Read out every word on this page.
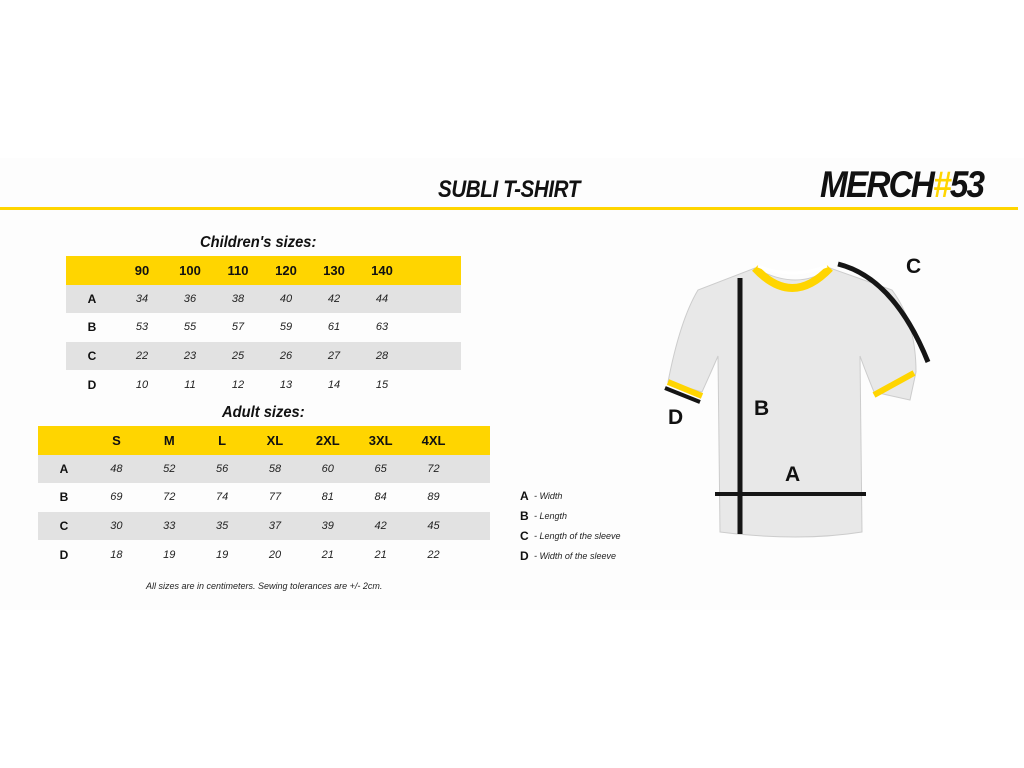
SUBLI T-SHIRT	MERCH#53
Children's sizes:
	90	100	110	120	130	140	
A	34	36	38	40	42	44	
B	53	55	57	59	61	63	
C	22	23	25	26	27	28	
D	10	11	12	13	14	15	
Adult sizes:
	S	M	L	XL	2XL	3XL	4XL	
A	48	52	56	58	60	65	72	
B	69	72	74	77	81	84	89	
C	30	33	35	37	39	42	45	
D	18	19	19	20	21	21	22	
All sizes are in centimeters. Sewing tolerances are +/- 2cm.
A - Width
B - Length
C - Length of the sleeve
D - Width of the sleeve
A
B
C
D
